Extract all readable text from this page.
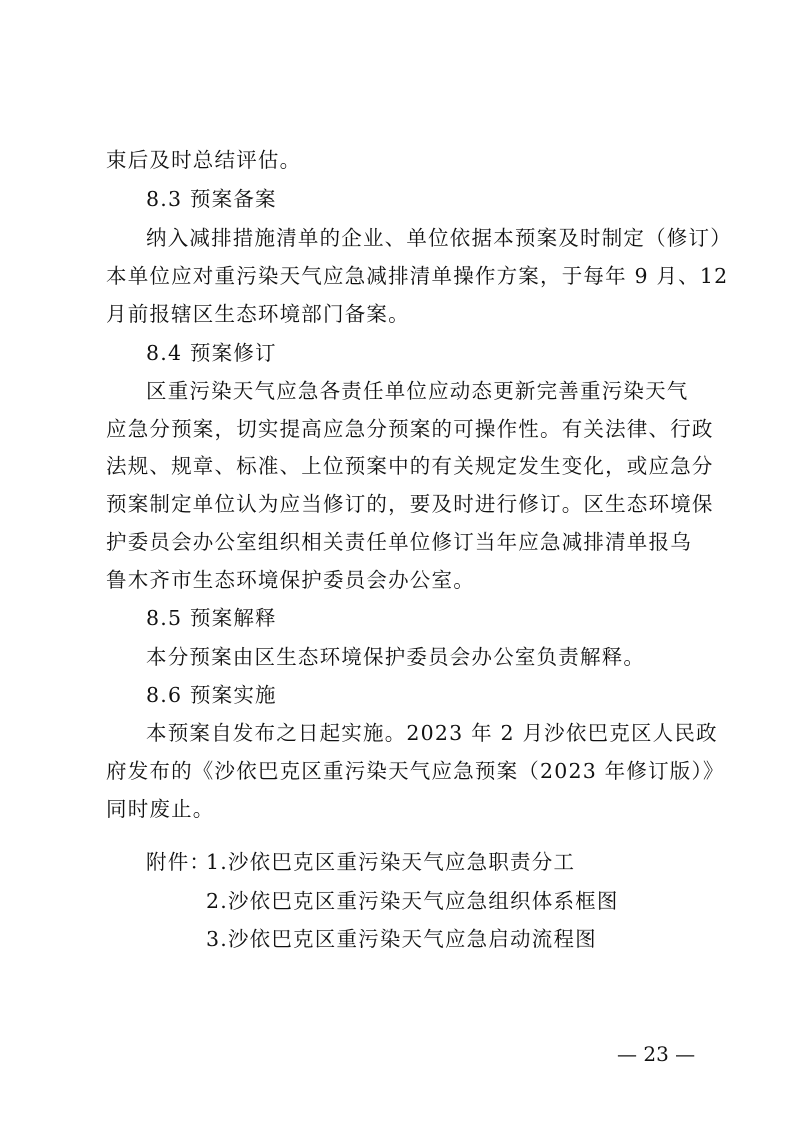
束后及时总结评估。
8.3 预案备案
纳入减排措施清单的企业、单位依据本预案及时制定（修订）
本单位应对重污染天气应急减排清单操作方案，于每年 9 月、12
月前报辖区生态环境部门备案。
8.4 预案修订
区重污染天气应急各责任单位应动态更新完善重污染天气
应急分预案，切实提高应急分预案的可操作性。有关法律、行政
法规、规章、标准、上位预案中的有关规定发生变化，或应急分
预案制定单位认为应当修订的，要及时进行修订。区生态环境保
护委员会办公室组织相关责任单位修订当年应急减排清单报乌
鲁木齐市生态环境保护委员会办公室。
8.5 预案解释
本分预案由区生态环境保护委员会办公室负责解释。
8.6 预案实施
本预案自发布之日起实施。2023 年 2 月沙依巴克区人民政
府发布的《沙依巴克区重污染天气应急预案（2023 年修订版）》
同时废止。
附件：
1.沙依巴克区重污染天气应急职责分工
2.沙依巴克区重污染天气应急组织体系框图
3.沙依巴克区重污染天气应急启动流程图
— 23 —
